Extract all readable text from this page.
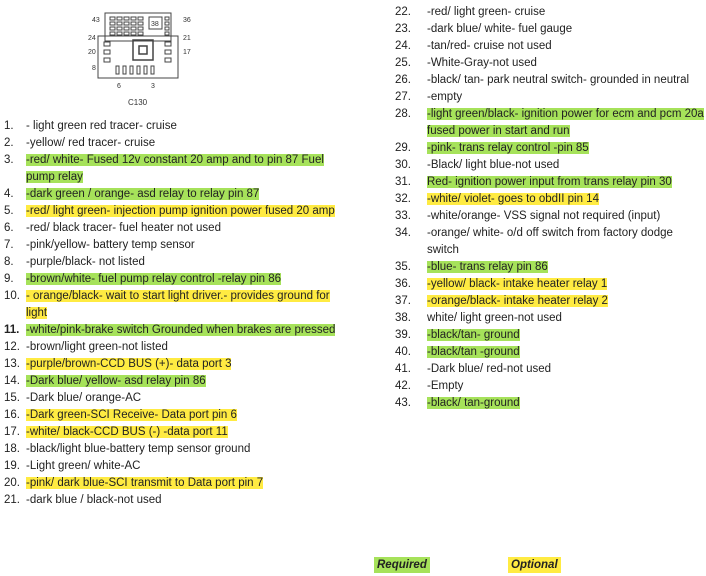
43
24
20
8
36
21
17
6	3
38
C130
1.	- light green red tracer- cruise
2.	-yellow/ red tracer- cruise
3.	-red/ white- Fused 12v constant 20 amp and to pin 87 Fuel pump relay
4.	-dark green / orange- asd relay to relay pin 87
5.	-red/ light green- injection pump ignition power fused 20 amp
6.	-red/ black tracer- fuel heater not used
7.	-pink/yellow- battery temp sensor
8.	-purple/black- not listed
9.	-brown/white- fuel pump relay control -relay pin 86
10. - orange/black- wait to start light driver.- provides ground for light
11. -white/pink-brake switch Grounded when brakes are pressed
12. -brown/light green-not listed
13. -purple/brown-CCD BUS (+)- data port 3
14. -Dark blue/ yellow- asd relay pin 86
15. -Dark blue/ orange-AC
16. -Dark green-SCI Receive- Data port pin 6
17. -white/ black-CCD BUS (-) -data port 11
18. -black/light blue-battery temp sensor ground
19. -Light green/ white-AC
20. -pink/ dark blue-SCI transmit to Data port pin 7
21. -dark blue / black-not used
22.	-red/ light green- cruise
23.	-dark blue/ white- fuel gauge
24.	-tan/red- cruise not used
25.	-White-Gray-not used
26.	-black/ tan- park neutral switch- grounded in neutral
27.	-empty
28.	-light green/black- ignition power for ecm and pcm 20a fused power in start and run
29.	-pink- trans relay control -pin 85
30.	-Black/ light blue-not used
31.	Red- ignition power input from trans relay pin 30
32.	-white/ violet- goes to obdII pin 14
33.	-white/orange- VSS signal not required (input)
34.	-orange/ white- o/d off switch from factory dodge switch
35.	-blue- trans relay pin 86
36.	-yellow/ black- intake heater relay 1
37.	-orange/black- intake heater relay 2
38.	white/ light green-not used
39.	-black/tan- ground
40.	-black/tan -ground
41.	-Dark blue/ red-not used
42.	-Empty
43.	-black/ tan-ground
Required	Optional
